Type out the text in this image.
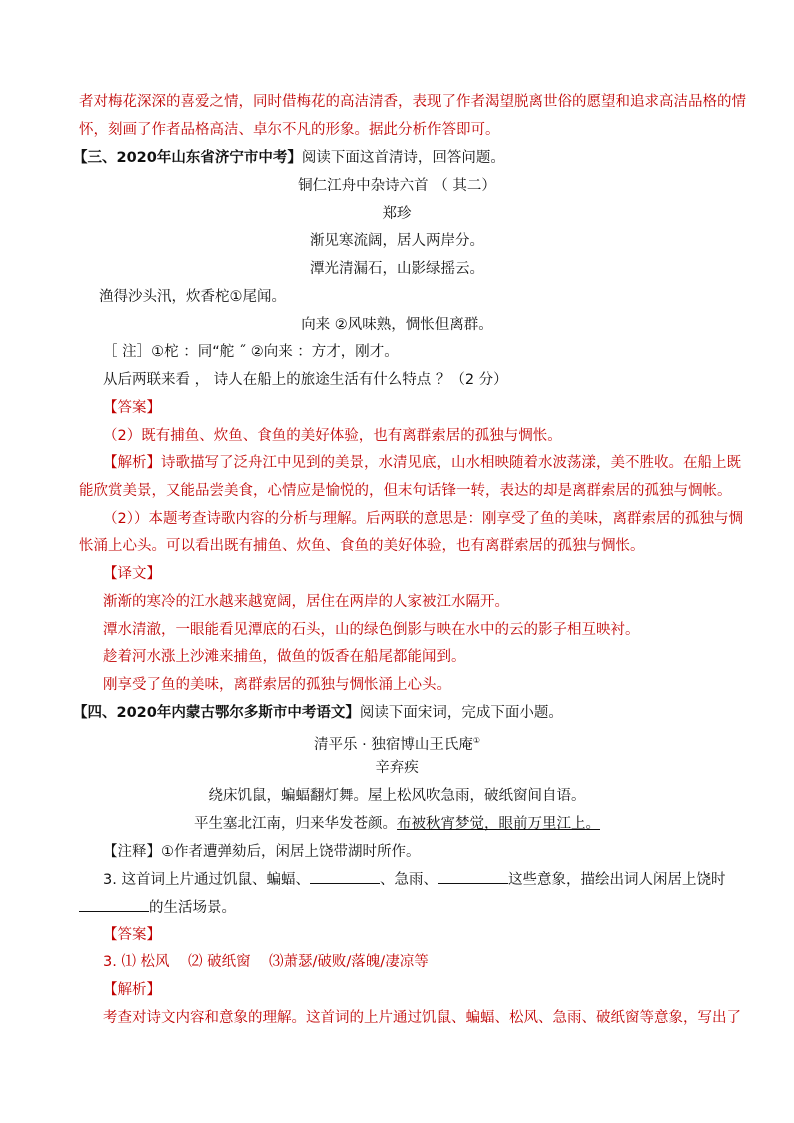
者对梅花深深的喜爱之情，同时借梅花的高洁清香，表现了作者渴望脱离世俗的愿望和追求高洁品格的情
怀，刻画了作者品格高洁、卓尔不凡的形象。据此分析作答即可。
【三、2020年山东省济宁市中考】阅读下面这首清诗，回答问题。
铜仁江舟中杂诗六首 （ 其二）
郑珍
渐见寒流阔，居人两岸分。
潭光清漏石，山影绿摇云。
渔得沙头汛，炊香柁①尾闻。
向来 ②风味熟，惆怅但离群。
［ 注］①柁 ：同“舵 ˝ ②向来 ：方才，刚才。
从后两联来看 ， 诗人在船上的旅途生活有什么特点 ？（2 分）
【答案】
（2）既有捕鱼、炊鱼、食鱼的美好体验，也有离群索居的孤独与惆怅。
【解析】诗歌描写了泛舟江中见到的美景，水清见底，山水相映随着水波荡漾，美不胜收。在船上既
能欣赏美景，又能品尝美食，心情应是愉悦的，但末句话锋一转，表达的却是离群索居的孤独与惆帐。
（2））本题考查诗歌内容的分析与理解。后两联的意思是：刚享受了鱼的美味，离群索居的孤独与惆
怅涌上心头。可以看出既有捕鱼、炊鱼、食鱼的美好体验，也有离群索居的孤独与惆怅。
【译文】
渐渐的寒冷的江水越来越宽阔，居住在两岸的人家被江水隔开。
潭水清澈，一眼能看见潭底的石头，山的绿色倒影与映在水中的云的影子相互映衬。
趁着河水涨上沙滩来捕鱼，做鱼的饭香在船尾都能闻到。
刚享受了鱼的美味，离群索居的孤独与惆怅涌上心头。
【四、2020年内蒙古鄂尔多斯市中考语文】阅读下面宋词，完成下面小题。
清平乐 · 独宿博山王氏庵①
辛弃疾
绕床饥鼠，蝙蝠翻灯舞。屋上松风吹急雨，破纸窗间自语。
平生塞北江南，归来华发苍颜。布被秋宵梦觉，眼前万里江上。
【注释】①作者遭弹劾后，闲居上饶带湖时所作。
3. 这首词上片通过饥鼠、蝙蝠、	、急雨、	这些意象，描绘出词人闲居上饶时
的生活场景。
【答案】
3. ⑴ 松风    ⑵ 破纸窗    ⑶萧瑟/破败/落魄/凄凉等
【解析】
考查对诗文内容和意象的理解。这首词的上片通过饥鼠、蝙蝠、松风、急雨、破纸窗等意象，写出了
